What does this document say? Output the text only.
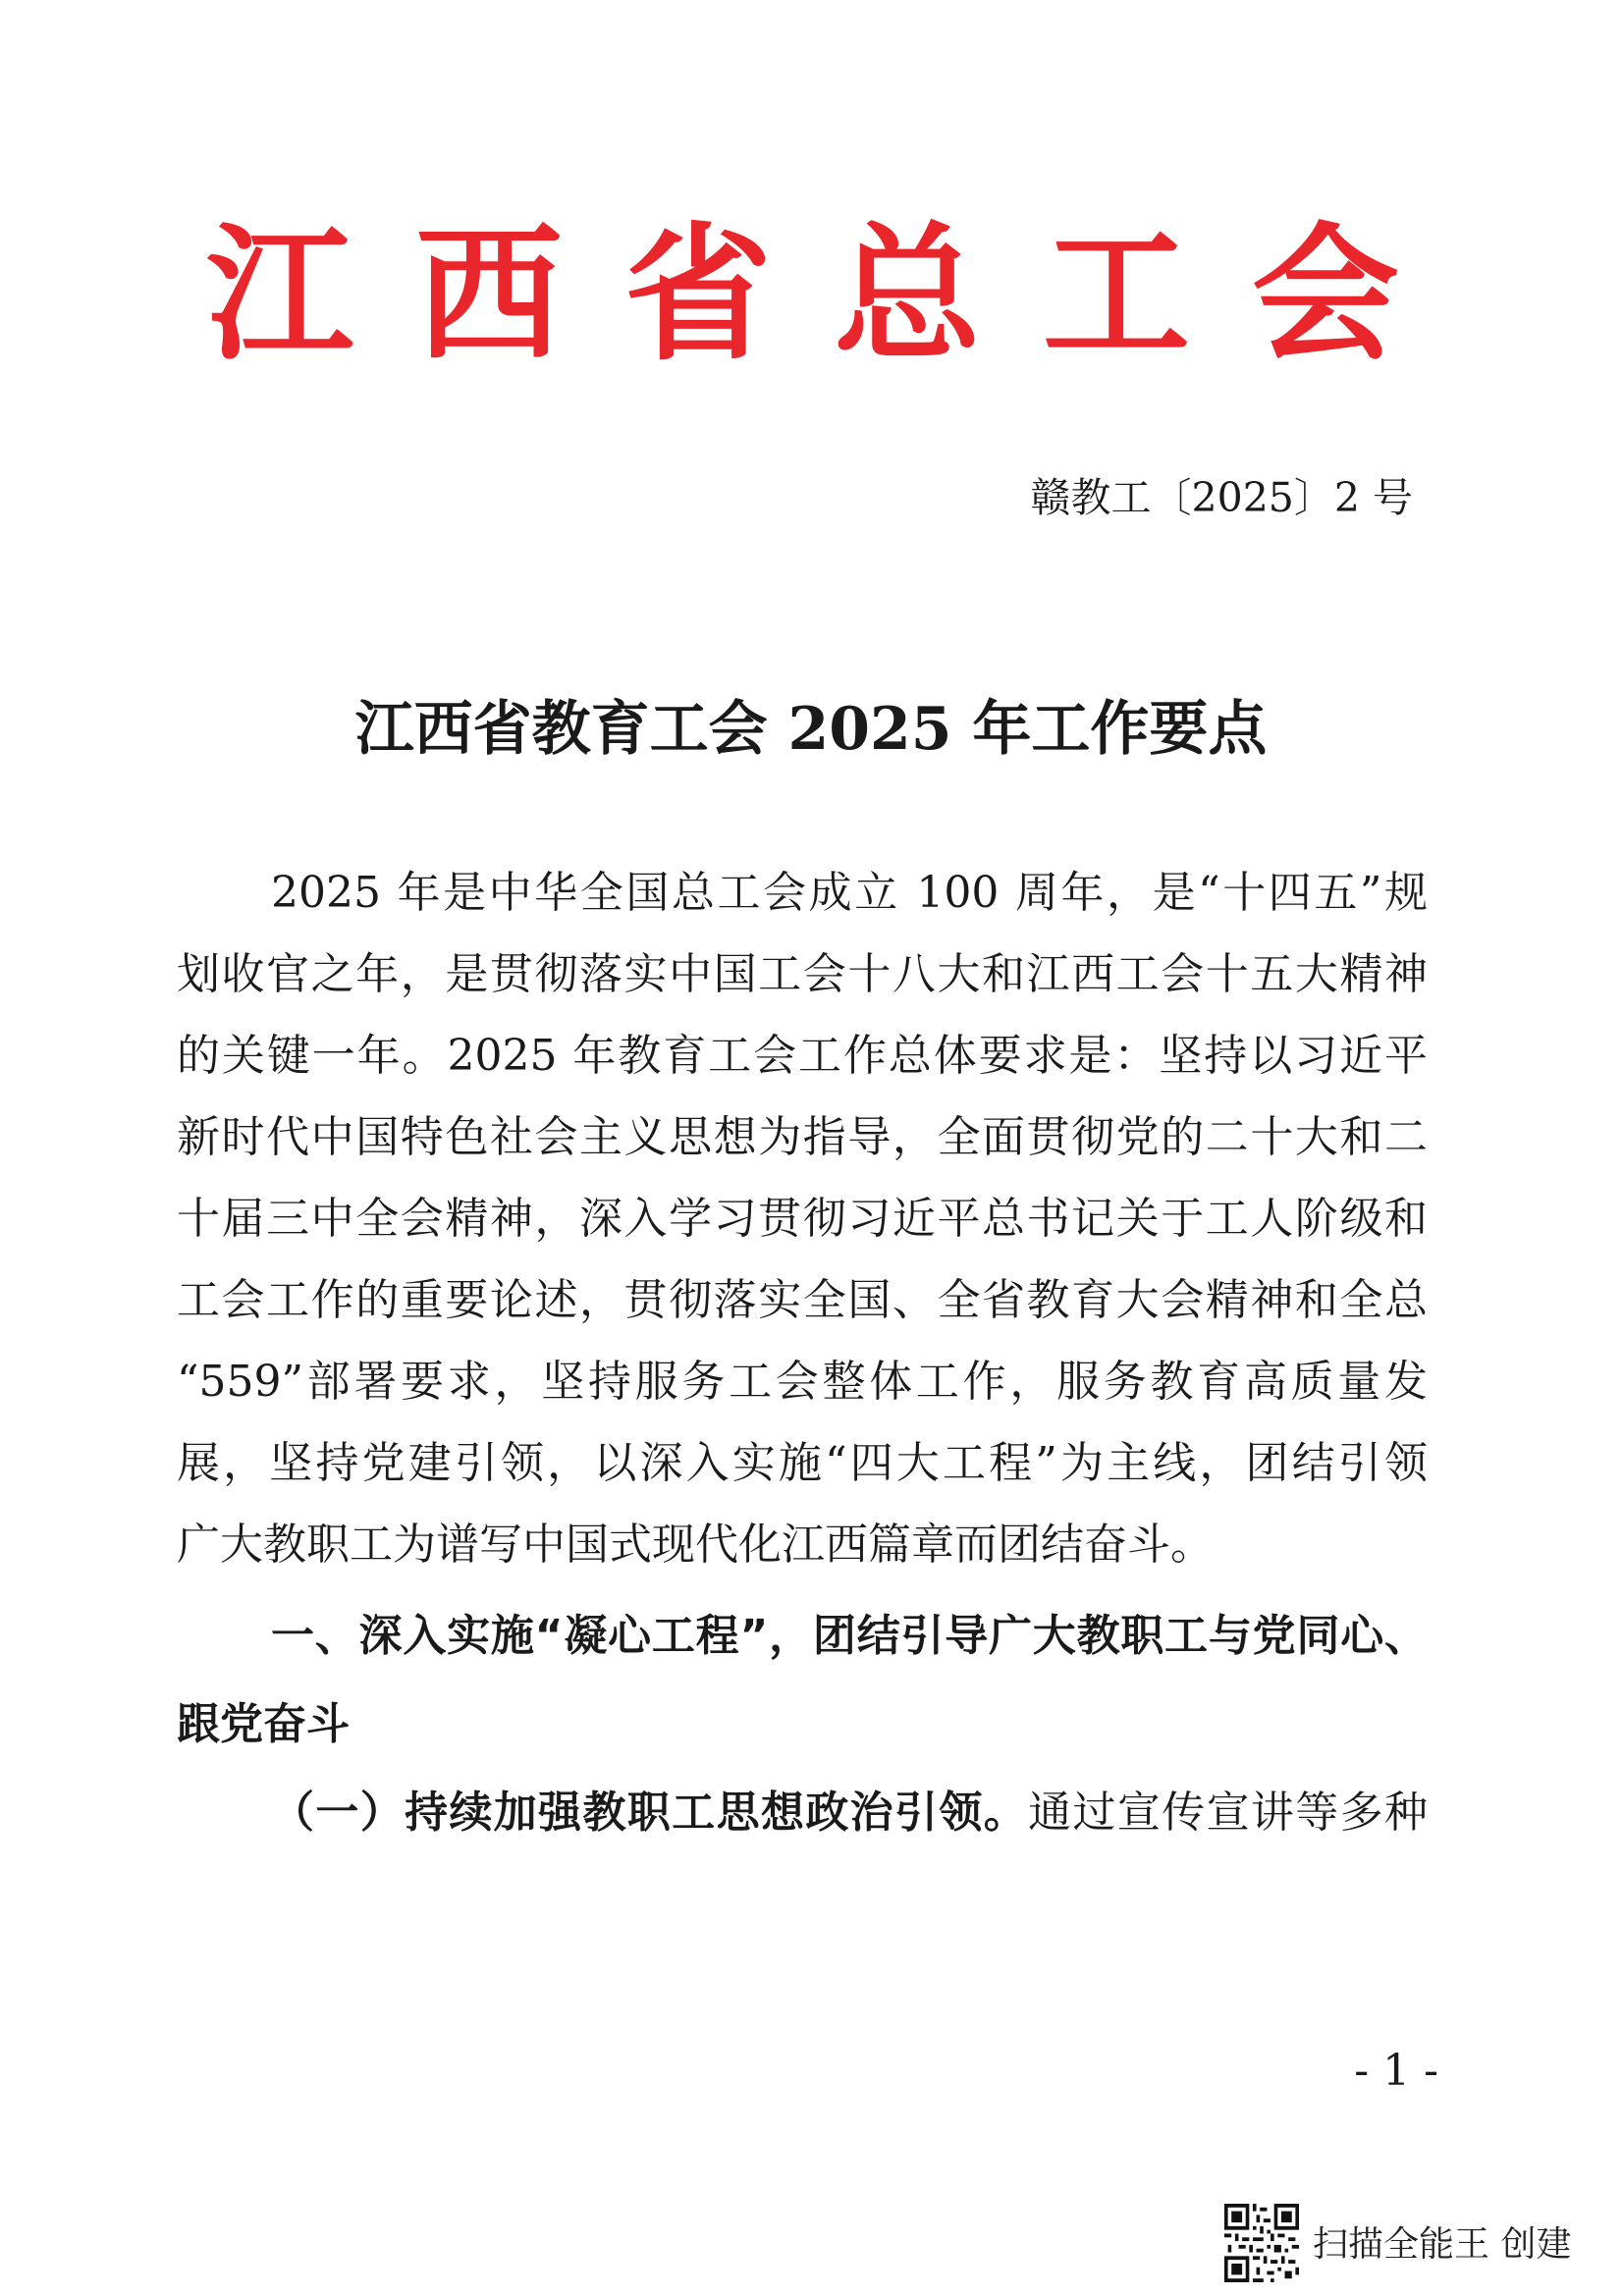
江西省总工会
赣教工〔2025〕2 号
江西省教育工会 2025 年工作要点
2025 年是中华全国总工会成立 100 周年，是“十四五”规
划收官之年，是贯彻落实中国工会十八大和江西工会十五大精神
的关键一年。2025 年教育工会工作总体要求是：坚持以习近平
新时代中国特色社会主义思想为指导，全面贯彻党的二十大和二
十届三中全会精神，深入学习贯彻习近平总书记关于工人阶级和
工会工作的重要论述，贯彻落实全国、全省教育大会精神和全总
“559”部署要求，坚持服务工会整体工作，服务教育高质量发
展，坚持党建引领，以深入实施“四大工程”为主线，团结引领
广大教职工为谱写中国式现代化江西篇章而团结奋斗。
一、深入实施“凝心工程”，团结引导广大教职工与党同心、
跟党奋斗
（一）持续加强教职工思想政治引领。通过宣传宣讲等多种
- 1 -
扫描全能王 创建
